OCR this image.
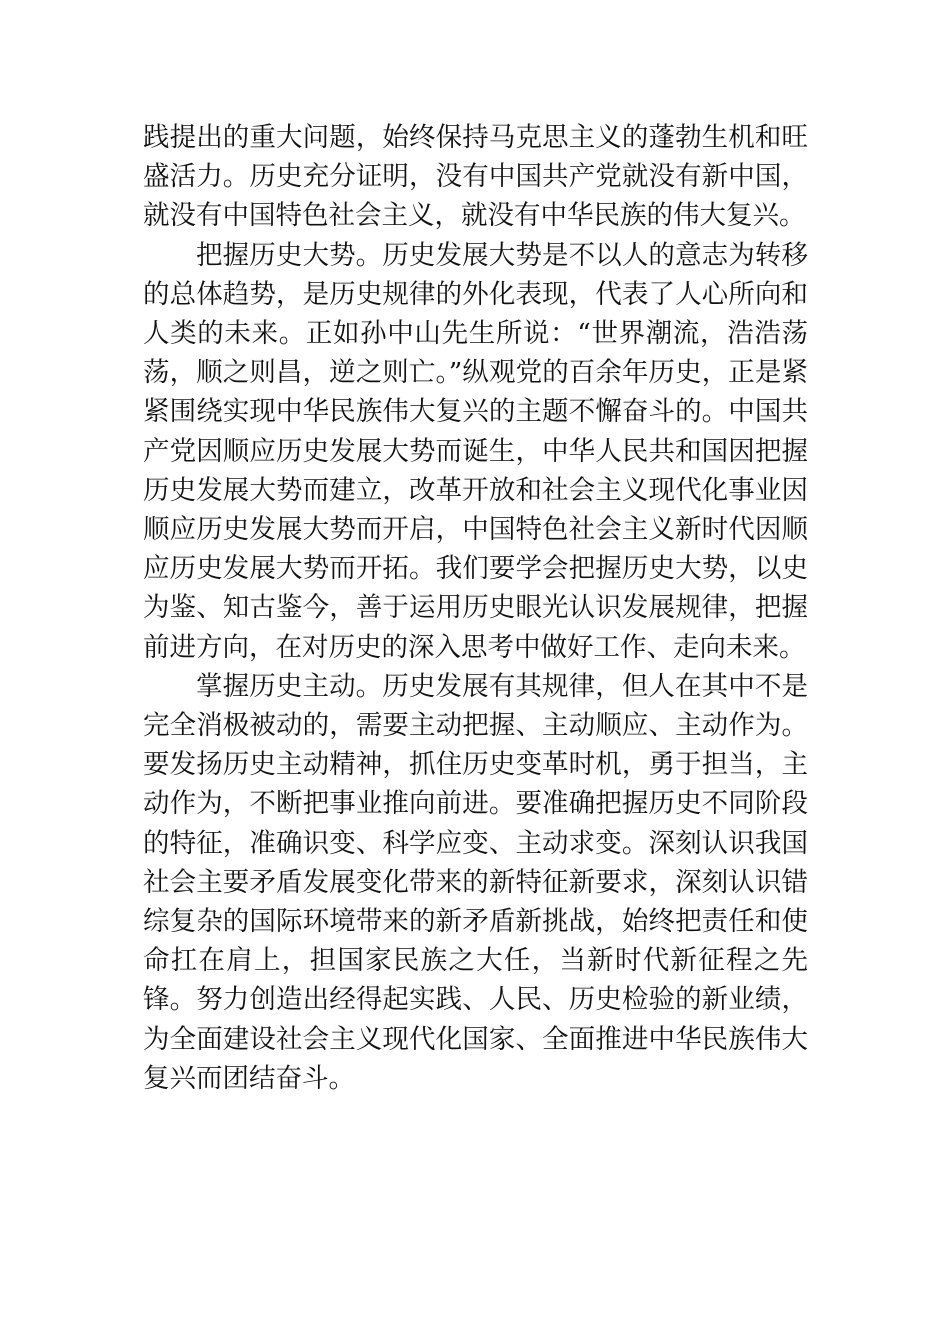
践提出的重大问题，始终保持马克思主义的蓬勃生机和旺盛活力。历史充分证明，没有中国共产党就没有新中国，就没有中国特色社会主义，就没有中华民族的伟大复兴。

把握历史大势。历史发展大势是不以人的意志为转移的总体趋势，是历史规律的外化表现，代表了人心所向和人类的未来。正如孙中山先生所说：“世界潮流，浩浩荡荡，顺之则昌，逆之则亡。”纵观党的百余年历史，正是紧紧围绕实现中华民族伟大复兴的主题不懈奋斗的。中国共产党因顺应历史发展大势而诞生，中华人民共和国因把握历史发展大势而建立，改革开放和社会主义现代化事业因顺应历史发展大势而开启，中国特色社会主义新时代因顺应历史发展大势而开拓。我们要学会把握历史大势，以史为鉴、知古鉴今，善于运用历史眼光认识发展规律，把握前进方向，在对历史的深入思考中做好工作、走向未来。

掌握历史主动。历史发展有其规律，但人在其中不是完全消极被动的，需要主动把握、主动顺应、主动作为。要发扬历史主动精神，抓住历史变革时机，勇于担当，主动作为，不断把事业推向前进。要准确把握历史不同阶段的特征，准确识变、科学应变、主动求变。深刻认识我国社会主要矛盾发展变化带来的新特征新要求，深刻认识错综复杂的国际环境带来的新矛盾新挑战，始终把责任和使命扛在肩上，担国家民族之大任，当新时代新征程之先锋。努力创造出经得起实践、人民、历史检验的新业绩，为全面建设社会主义现代化国家、全面推进中华民族伟大复兴而团结奋斗。
